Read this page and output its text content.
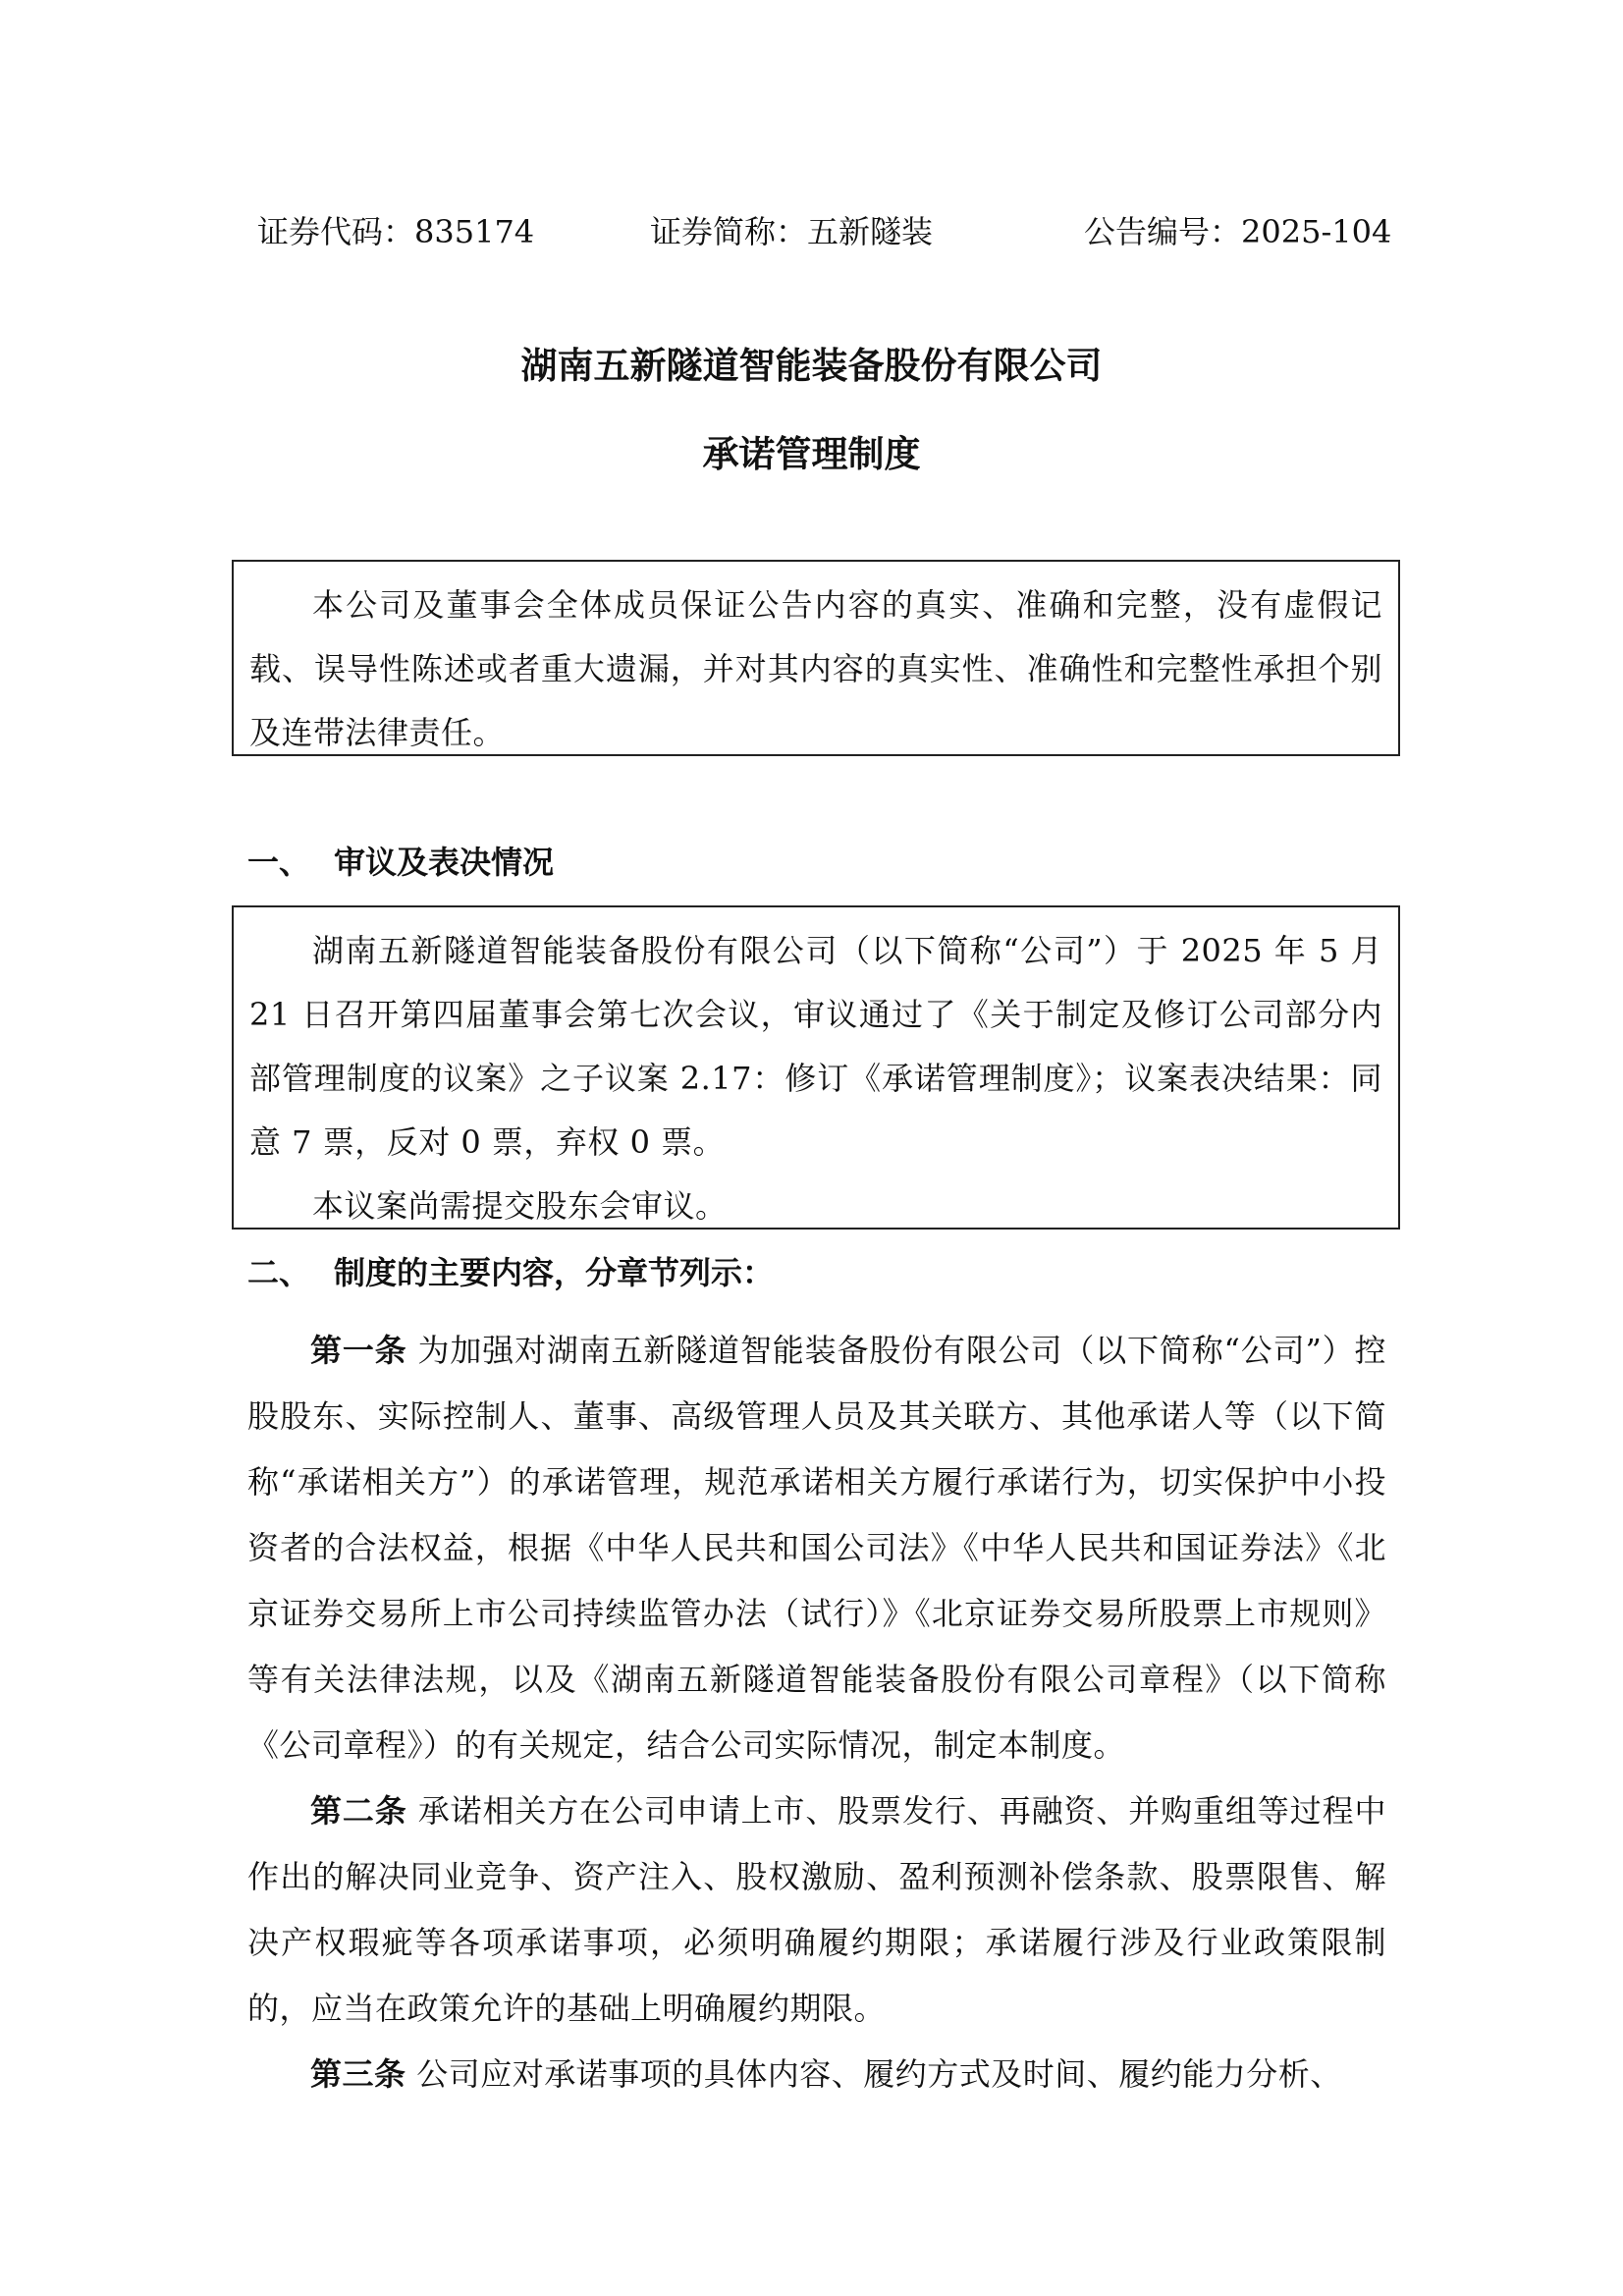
证券代码：835174	证券简称：五新隧装	公告编号：2025-104
湖南五新隧道智能装备股份有限公司
承诺管理制度

本公司及董事会全体成员保证公告内容的真实、准确和完整，没有虚假记载、误导性陈述或者重大遗漏，并对其内容的真实性、准确性和完整性承担个别及连带法律责任。

一、 审议及表决情况

湖南五新隧道智能装备股份有限公司（以下简称“公司”）于 2025 年 5 月 21 日召开第四届董事会第七次会议，审议通过了《关于制定及修订公司部分内部管理制度的议案》之子议案 2.17：修订《承诺管理制度》；议案表决结果：同意 7 票，反对 0 票，弃权 0 票。

本议案尚需提交股东会审议。

二、 制度的主要内容，分章节列示：

第一条 为加强对湖南五新隧道智能装备股份有限公司（以下简称“公司”）控股股东、实际控制人、董事、高级管理人员及其关联方、其他承诺人等（以下简称“承诺相关方”）的承诺管理，规范承诺相关方履行承诺行为，切实保护中小投资者的合法权益，根据《中华人民共和国公司法》《中华人民共和国证券法》《北京证券交易所上市公司持续监管办法（试行）》《北京证券交易所股票上市规则》等有关法律法规，以及《湖南五新隧道智能装备股份有限公司章程》（以下简称《公司章程》）的有关规定，结合公司实际情况，制定本制度。

第二条 承诺相关方在公司申请上市、股票发行、再融资、并购重组等过程中作出的解决同业竞争、资产注入、股权激励、盈利预测补偿条款、股票限售、解决产权瑕疵等各项承诺事项，必须明确履约期限；承诺履行涉及行业政策限制的，应当在政策允许的基础上明确履约期限。

第三条 公司应对承诺事项的具体内容、履约方式及时间、履约能力分析、
